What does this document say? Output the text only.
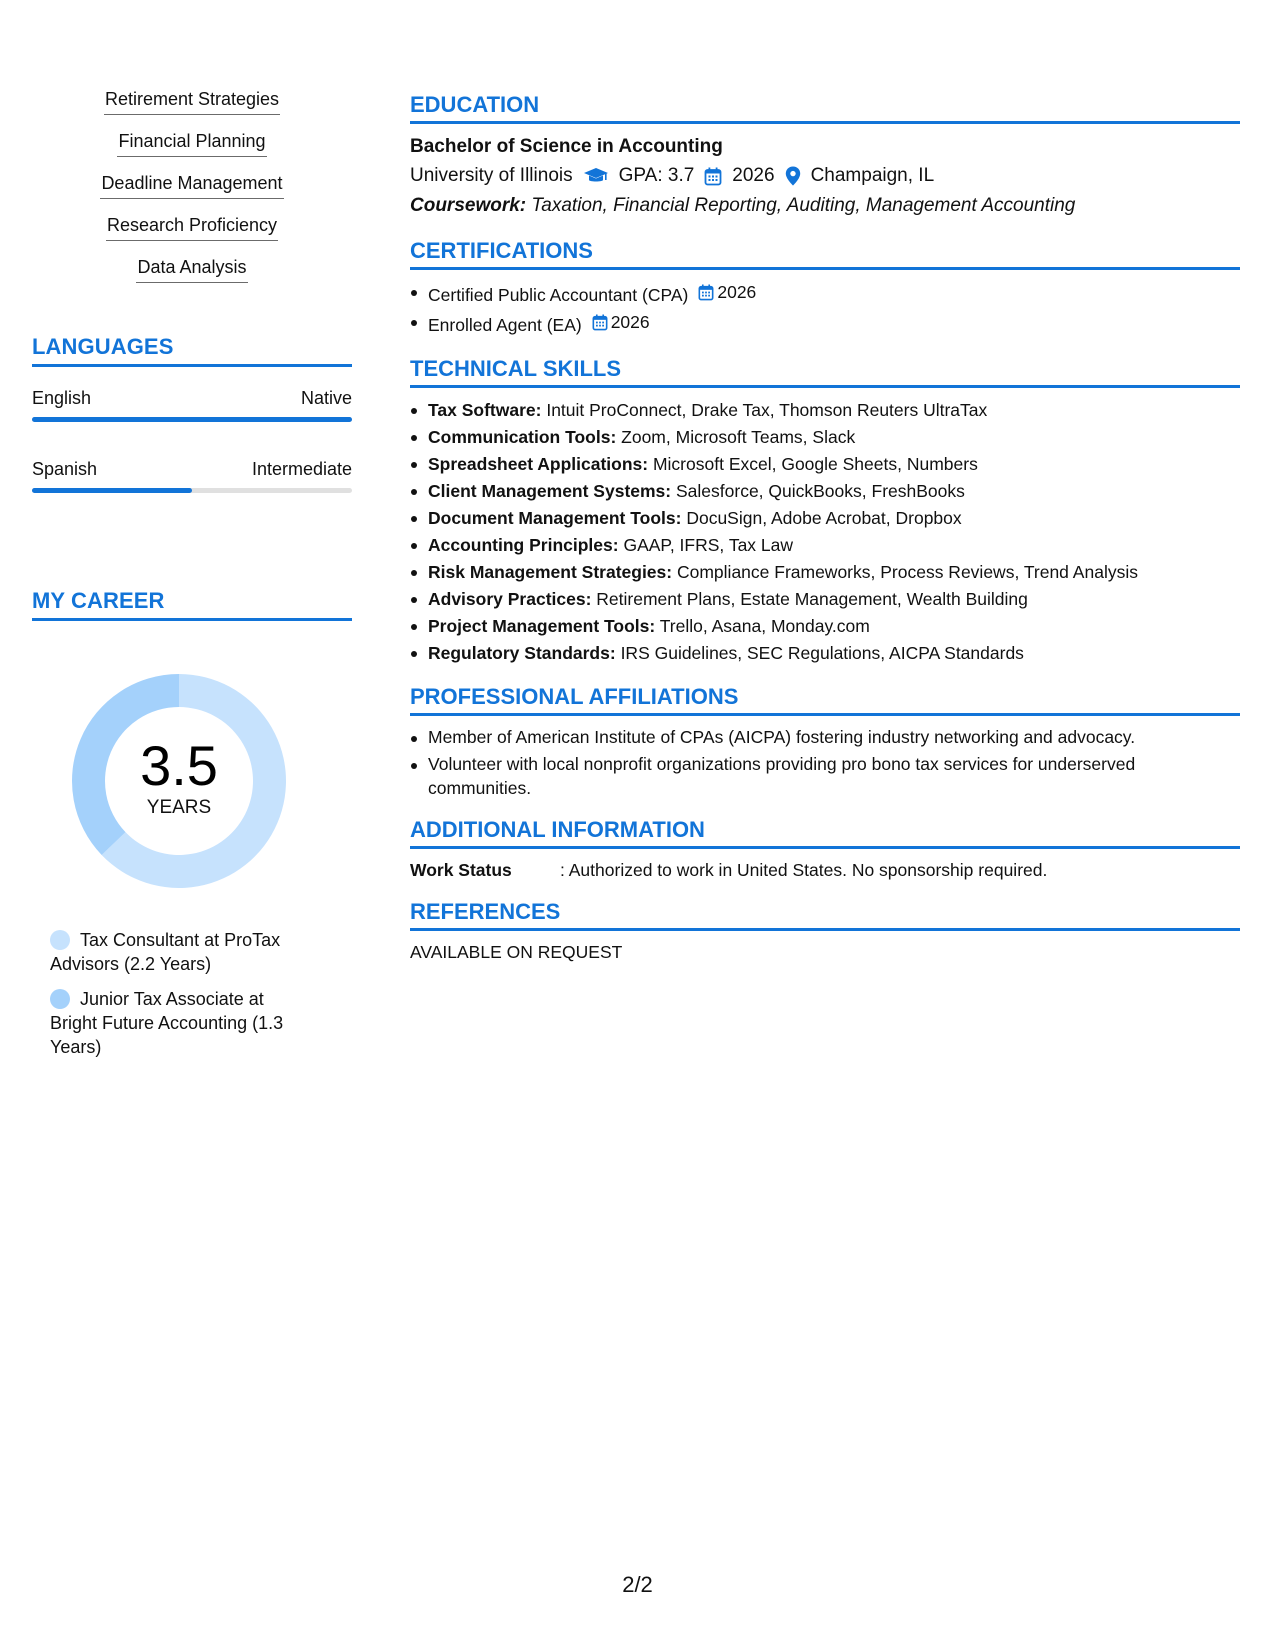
Retirement Strategies
Financial Planning
Deadline Management
Research Proficiency
Data Analysis
LANGUAGES
English	Native
Spanish	Intermediate
MY CAREER
3.5
YEARS
Tax Consultant at ProTax Advisors (2.2 Years)
Junior Tax Associate at Bright Future Accounting (1.3 Years)
EDUCATION
Bachelor of Science in Accounting
University of Illinois GPA: 3.7 2026 Champaign, IL
Coursework: Taxation, Financial Reporting, Auditing, Management Accounting
CERTIFICATIONS
Certified Public Accountant (CPA) 2026
Enrolled Agent (EA) 2026
TECHNICAL SKILLS
Tax Software: Intuit ProConnect, Drake Tax, Thomson Reuters UltraTax
Communication Tools: Zoom, Microsoft Teams, Slack
Spreadsheet Applications: Microsoft Excel, Google Sheets, Numbers
Client Management Systems: Salesforce, QuickBooks, FreshBooks
Document Management Tools: DocuSign, Adobe Acrobat, Dropbox
Accounting Principles: GAAP, IFRS, Tax Law
Risk Management Strategies: Compliance Frameworks, Process Reviews, Trend Analysis
Advisory Practices: Retirement Plans, Estate Management, Wealth Building
Project Management Tools: Trello, Asana, Monday.com
Regulatory Standards: IRS Guidelines, SEC Regulations, AICPA Standards
PROFESSIONAL AFFILIATIONS
Member of American Institute of CPAs (AICPA) fostering industry networking and advocacy.
Volunteer with local nonprofit organizations providing pro bono tax services for underserved communities.
ADDITIONAL INFORMATION
Work Status	: Authorized to work in United States. No sponsorship required.
REFERENCES
AVAILABLE ON REQUEST
2/2
